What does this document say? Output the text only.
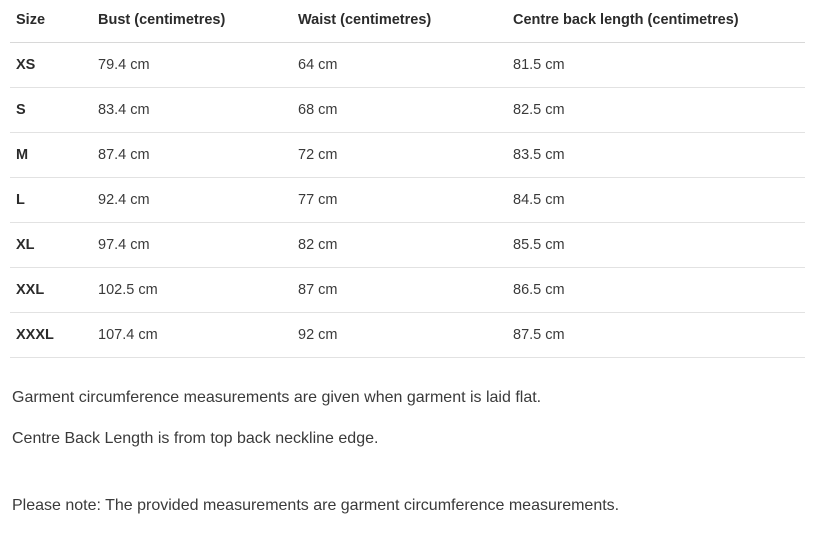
Size	Bust (centimetres)	Waist (centimetres)	Centre back length (centimetres)
XS	79.4 cm	64 cm	81.5 cm
S	83.4 cm	68 cm	82.5 cm
M	87.4 cm	72 cm	83.5 cm
L	92.4 cm	77 cm	84.5 cm
XL	97.4 cm	82 cm	85.5 cm
XXL	102.5 cm	87 cm	86.5 cm
XXXL	107.4 cm	92 cm	87.5 cm

Garment circumference measurements are given when garment is laid flat.

Centre Back Length is from top back neckline edge.

Please note: The provided measurements are garment circumference measurements.
